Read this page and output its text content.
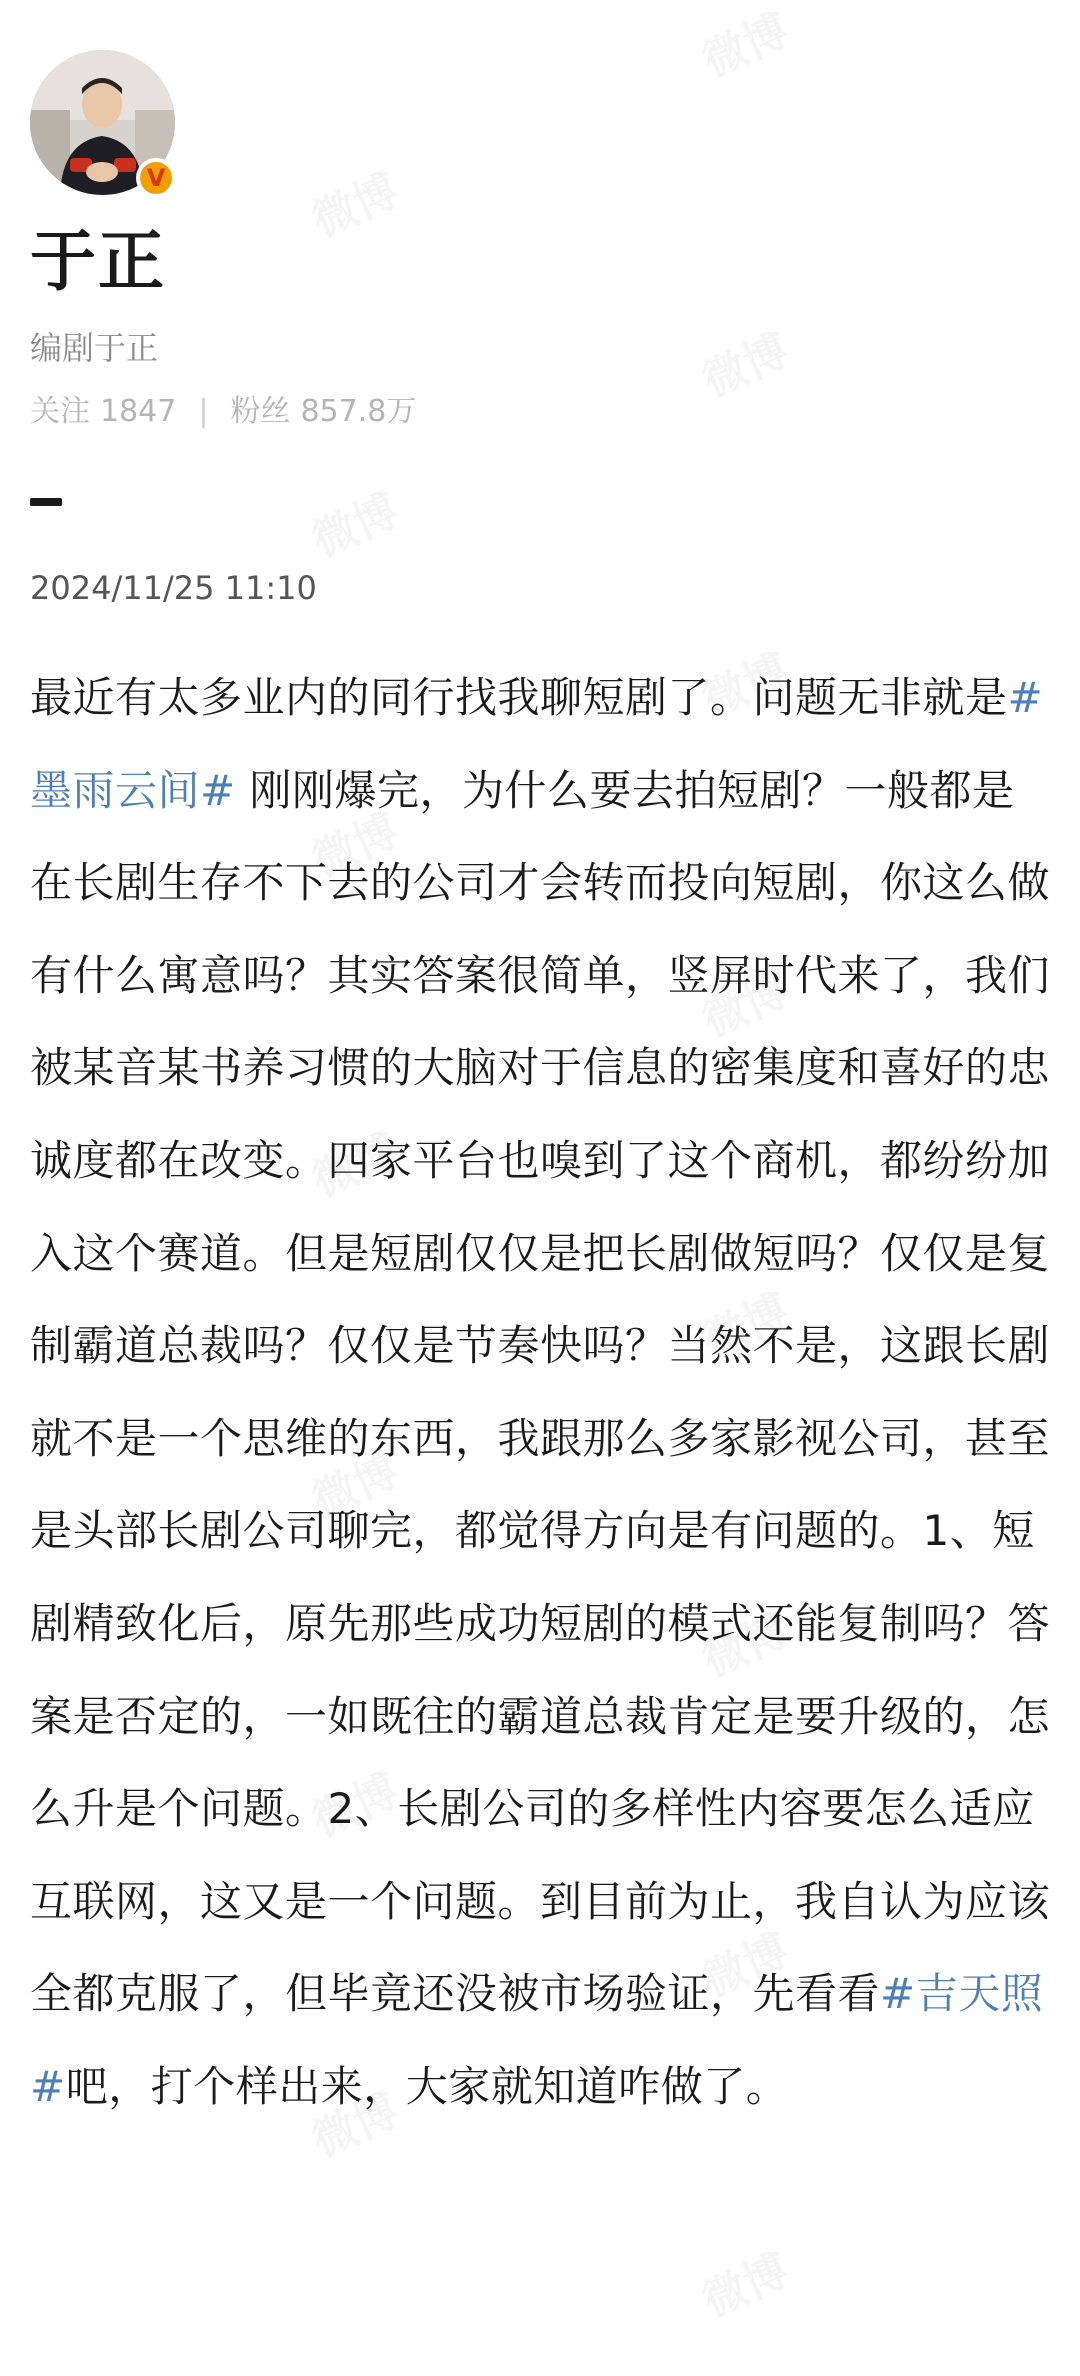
V
于正
编剧于正
关注 1847 | 粉丝 857.8万
2024/11/25 11:10
最近有太多业内的同行找我聊短剧了。问题无非就是#墨雨云间# 刚刚爆完，为什么要去拍短剧？一般都是在长剧生存不下去的公司才会转而投向短剧，你这么做有什么寓意吗？其实答案很简单，竖屏时代来了，我们被某音某书养习惯的大脑对于信息的密集度和喜好的忠诚度都在改变。四家平台也嗅到了这个商机，都纷纷加入这个赛道。但是短剧仅仅是把长剧做短吗？仅仅是复制霸道总裁吗？仅仅是节奏快吗？当然不是，这跟长剧就不是一个思维的东西，我跟那么多家影视公司，甚至是头部长剧公司聊完，都觉得方向是有问题的。1、短剧精致化后，原先那些成功短剧的模式还能复制吗？答案是否定的，一如既往的霸道总裁肯定是要升级的，怎么升是个问题。2、长剧公司的多样性内容要怎么适应互联网，这又是一个问题。到目前为止，我自认为应该全都克服了，但毕竟还没被市场验证，先看看#吉天照#吧，打个样出来，大家就知道咋做了。
